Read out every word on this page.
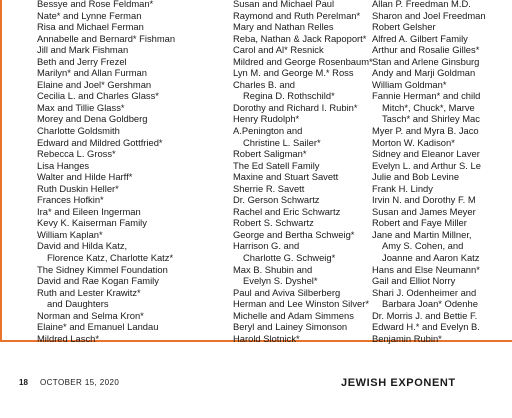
Bessye and Rose Feldman*
Nate* and Lynne Ferman
Risa and Michael Ferman
Annabelle and Bernard* Fishman
Jill and Mark Fishman
Beth and Jerry Frezel
Marilyn* and Allan Furman
Elaine and Joel* Gershman
Cecilia L. and Charles Glass*
Max and Tillie Glass*
Morey and Dena Goldberg
Charlotte Goldsmith
Edward and Mildred Gottfried*
Rebecca L. Gross*
Lisa Hanges
Walter and Hilde Harff*
Ruth Duskin Heller*
Frances Hofkin*
Ira* and Eileen Ingerman
Kevy K. Kaiserman Family
William Kaplan*
David and Hilda Katz,
Florence Katz, Charlotte Katz*
The Sidney Kimmel Foundation
David and Rae Kogan Family
Ruth and Lester Krawitz*
and Daughters
Norman and Selma Kron*
Elaine* and Emanuel Landau
Mildred Lasch*
Susan and Michael Paul
Raymond and Ruth Perelman*
Mary and Nathan Relles
Reba, Nathan & Jack Rapoport*
Carol and Al* Resnick
Mildred and George Rosenbaum*
Lyn M. and George M.* Ross
Charles B. and
Regina D. Rothschild*
Dorothy and Richard I. Rubin*
Henry Rudolph*
A.Penington and
Christine L. Sailer*
Robert Saligman*
The Ed Satell Family
Maxine and Stuart Savett
Sherrie R. Savett
Dr. Gerson Schwartz
Rachel and Eric Schwartz
Robert S. Schwartz
George and Bertha Schweig*
Harrison G. and
Charlotte G. Schweig*
Max B. Shubin and
Evelyn S. Dyshel*
Paul and Aviva Silberberg
Herman and Lee Winston Silver*
Michelle and Adam Simmens
Beryl and Lainey Simonson
Harold Slotnick*
Allan P. Freedman M.D.
Sharon and Joel Freedman
Robert Gelsher
Alfred A. Gilbert Family
Arthur and Rosalie Gilles*
Stan and Arlene Ginsburg
Andy and Marji Goldman
William Goldman*
Fannie Herman* and child
Mitch*, Chuck*, Marve
Tasch* and Shirley Mac
Myer P. and Myra B. Jaco
Morton W. Kadison*
Sidney and Eleanor Laver
Evelyn L. and Arthur S. Le
Julie and Bob Levine
Frank H. Lindy
Irvin N. and Dorothy F. M
Susan and James Meyer
Robert and Faye Miller
Jane and Martin Millner,
Amy S. Cohen, and
Joanne and Aaron Katz
Hans and Else Neumann*
Gail and Elliot Norry
Shari J. Odenheimer and
Barbara Joan* Odenhe
Dr. Morris J. and Bettie F.
Edward H.* and Evelyn B.
Benjamin Rubin*
18 OCTOBER 15, 2020	JEWISH EXPONENT
